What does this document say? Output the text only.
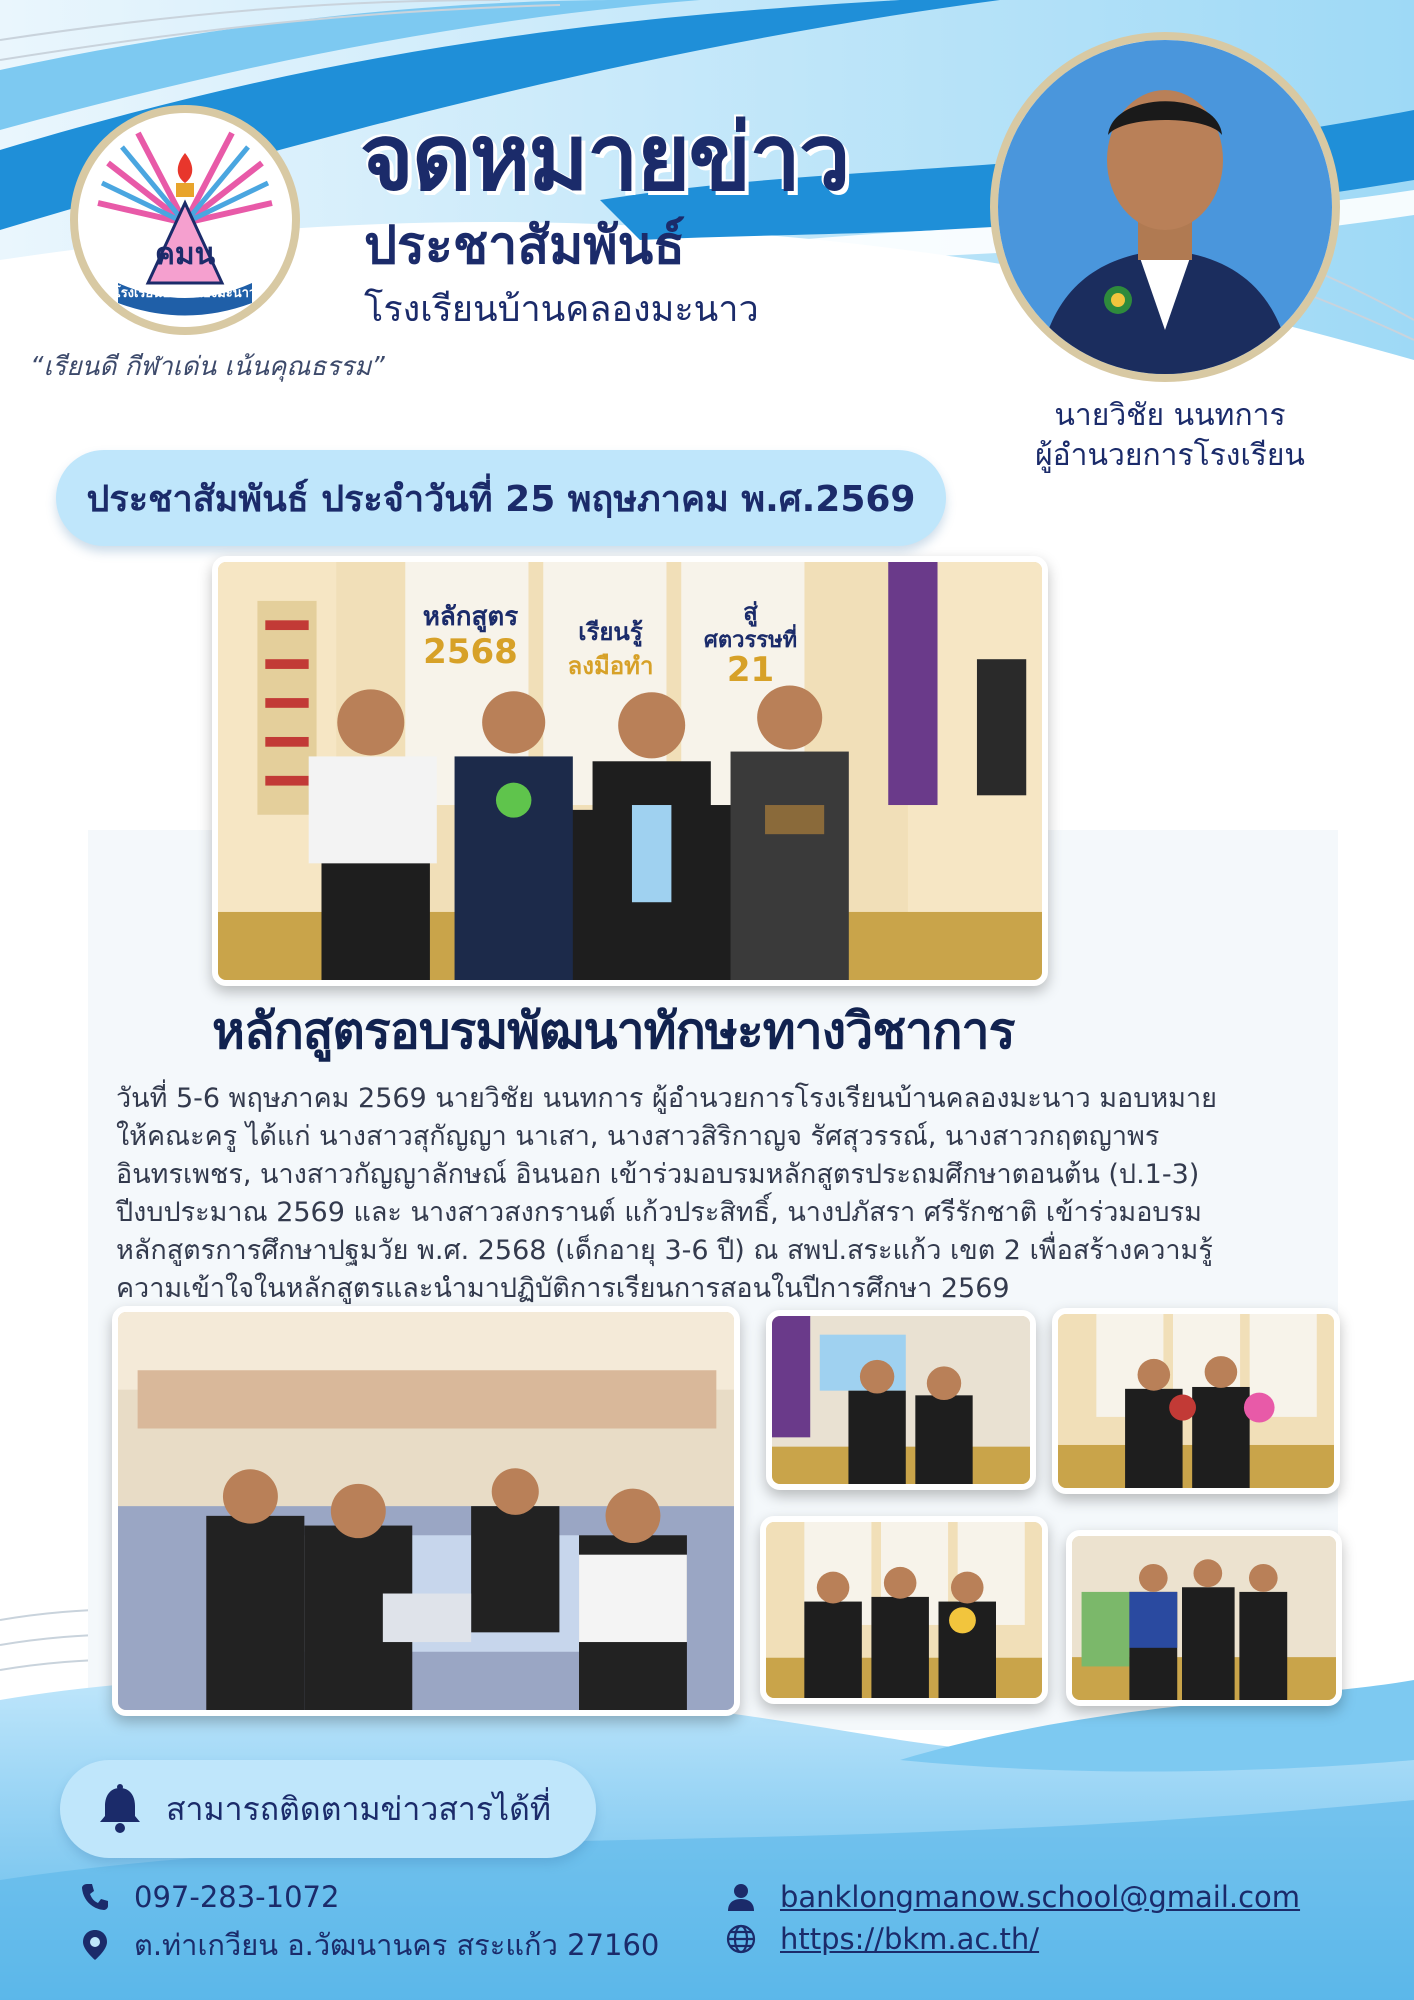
คมน
โรงเรียนบ้านคลองมะนาว
จดหมายข่าว
ประชาสัมพันธ์
โรงเรียนบ้านคลองมะนาว
“เรียนดี กีฬาเด่น เน้นคุณธรรม”
นายวิชัย นนทการ
ผู้อำนวยการโรงเรียน
ประชาสัมพันธ์ ประจำวันที่ 25 พฤษภาคม พ.ศ.2569
หลักสูตร
2568	เรียนรู้
ลงมือทำ
สู่
ศตวรรษที่
21
หลักสูตรอบรมพัฒนาทักษะทางวิชาการ
วันที่ 5-6 พฤษภาคม 2569 นายวิชัย นนทการ ผู้อำนวยการโรงเรียนบ้านคลองมะนาว มอบหมาย
ให้คณะครู ได้แก่ นางสาวสุกัญญา นาเสา, นางสาวสิริกาญจ รัศสุวรรณ์, นางสาวกฤตญาพร
อินทรเพชร, นางสาวกัญญาลักษณ์ อินนอก เข้าร่วมอบรมหลักสูตรประถมศึกษาตอนต้น (ป.1-3)
ปีงบประมาณ 2569 และ นางสาวสงกรานต์ แก้วประสิทธิ์, นางปภัสรา ศรีรักชาติ เข้าร่วมอบรม
หลักสูตรการศึกษาปฐมวัย พ.ศ. 2568 (เด็กอายุ 3-6 ปี) ณ สพป.สระแก้ว เขต 2 เพื่อสร้างความรู้
ความเข้าใจในหลักสูตรและนำมาปฏิบัติการเรียนการสอนในปีการศึกษา 2569
สามารถติดตามข่าวสารได้ที่
097-283-1072
ต.ท่าเกวียน อ.วัฒนานคร สระแก้ว 27160
banklongmanow.school@gmail.com
https://bkm.ac.th/
